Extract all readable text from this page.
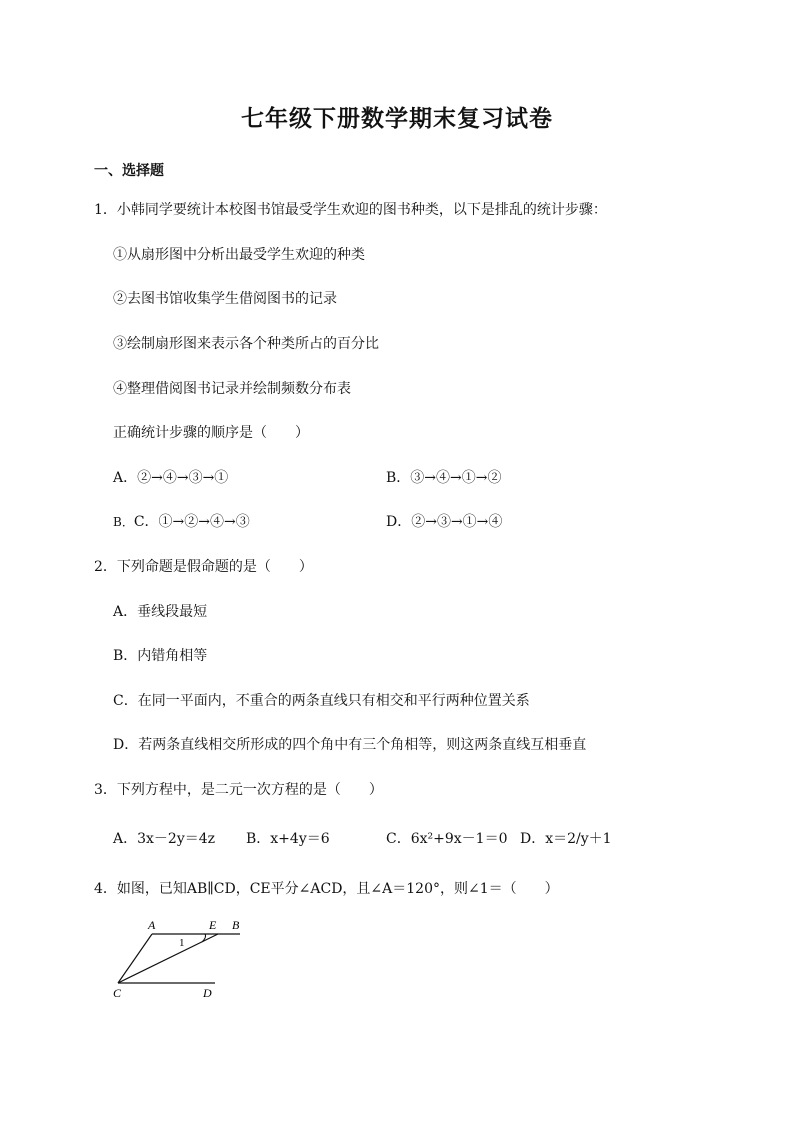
七年级下册数学期末复习试卷
一、选择题
1．小韩同学要统计本校图书馆最受学生欢迎的图书种类，以下是排乱的统计步骤：
①从扇形图中分析出最受学生欢迎的种类
②去图书馆收集学生借阅图书的记录
③绘制扇形图来表示各个种类所占的百分比
④整理借阅图书记录并绘制频数分布表
正确统计步骤的顺序是（　　）
A．②→④→③→①	B．③→④→①→②
B．C．①→②→④→③	D．②→③→①→④
2．下列命题是假命题的是（　　）
A．垂线段最短
B．内错角相等
C．在同一平面内，不重合的两条直线只有相交和平行两种位置关系
D．若两条直线相交所形成的四个角中有三个角相等，则这两条直线互相垂直
3．下列方程中，是二元一次方程的是（　　）
A．3x－2y＝4z B．x+4y＝6	C．6x²+9x－1＝0 D．x＝2/y＋1
4．如图，已知AB∥CD，CE平分∠ACD，且∠A＝120°，则∠1＝（　　）
A	E B
C	D
1
